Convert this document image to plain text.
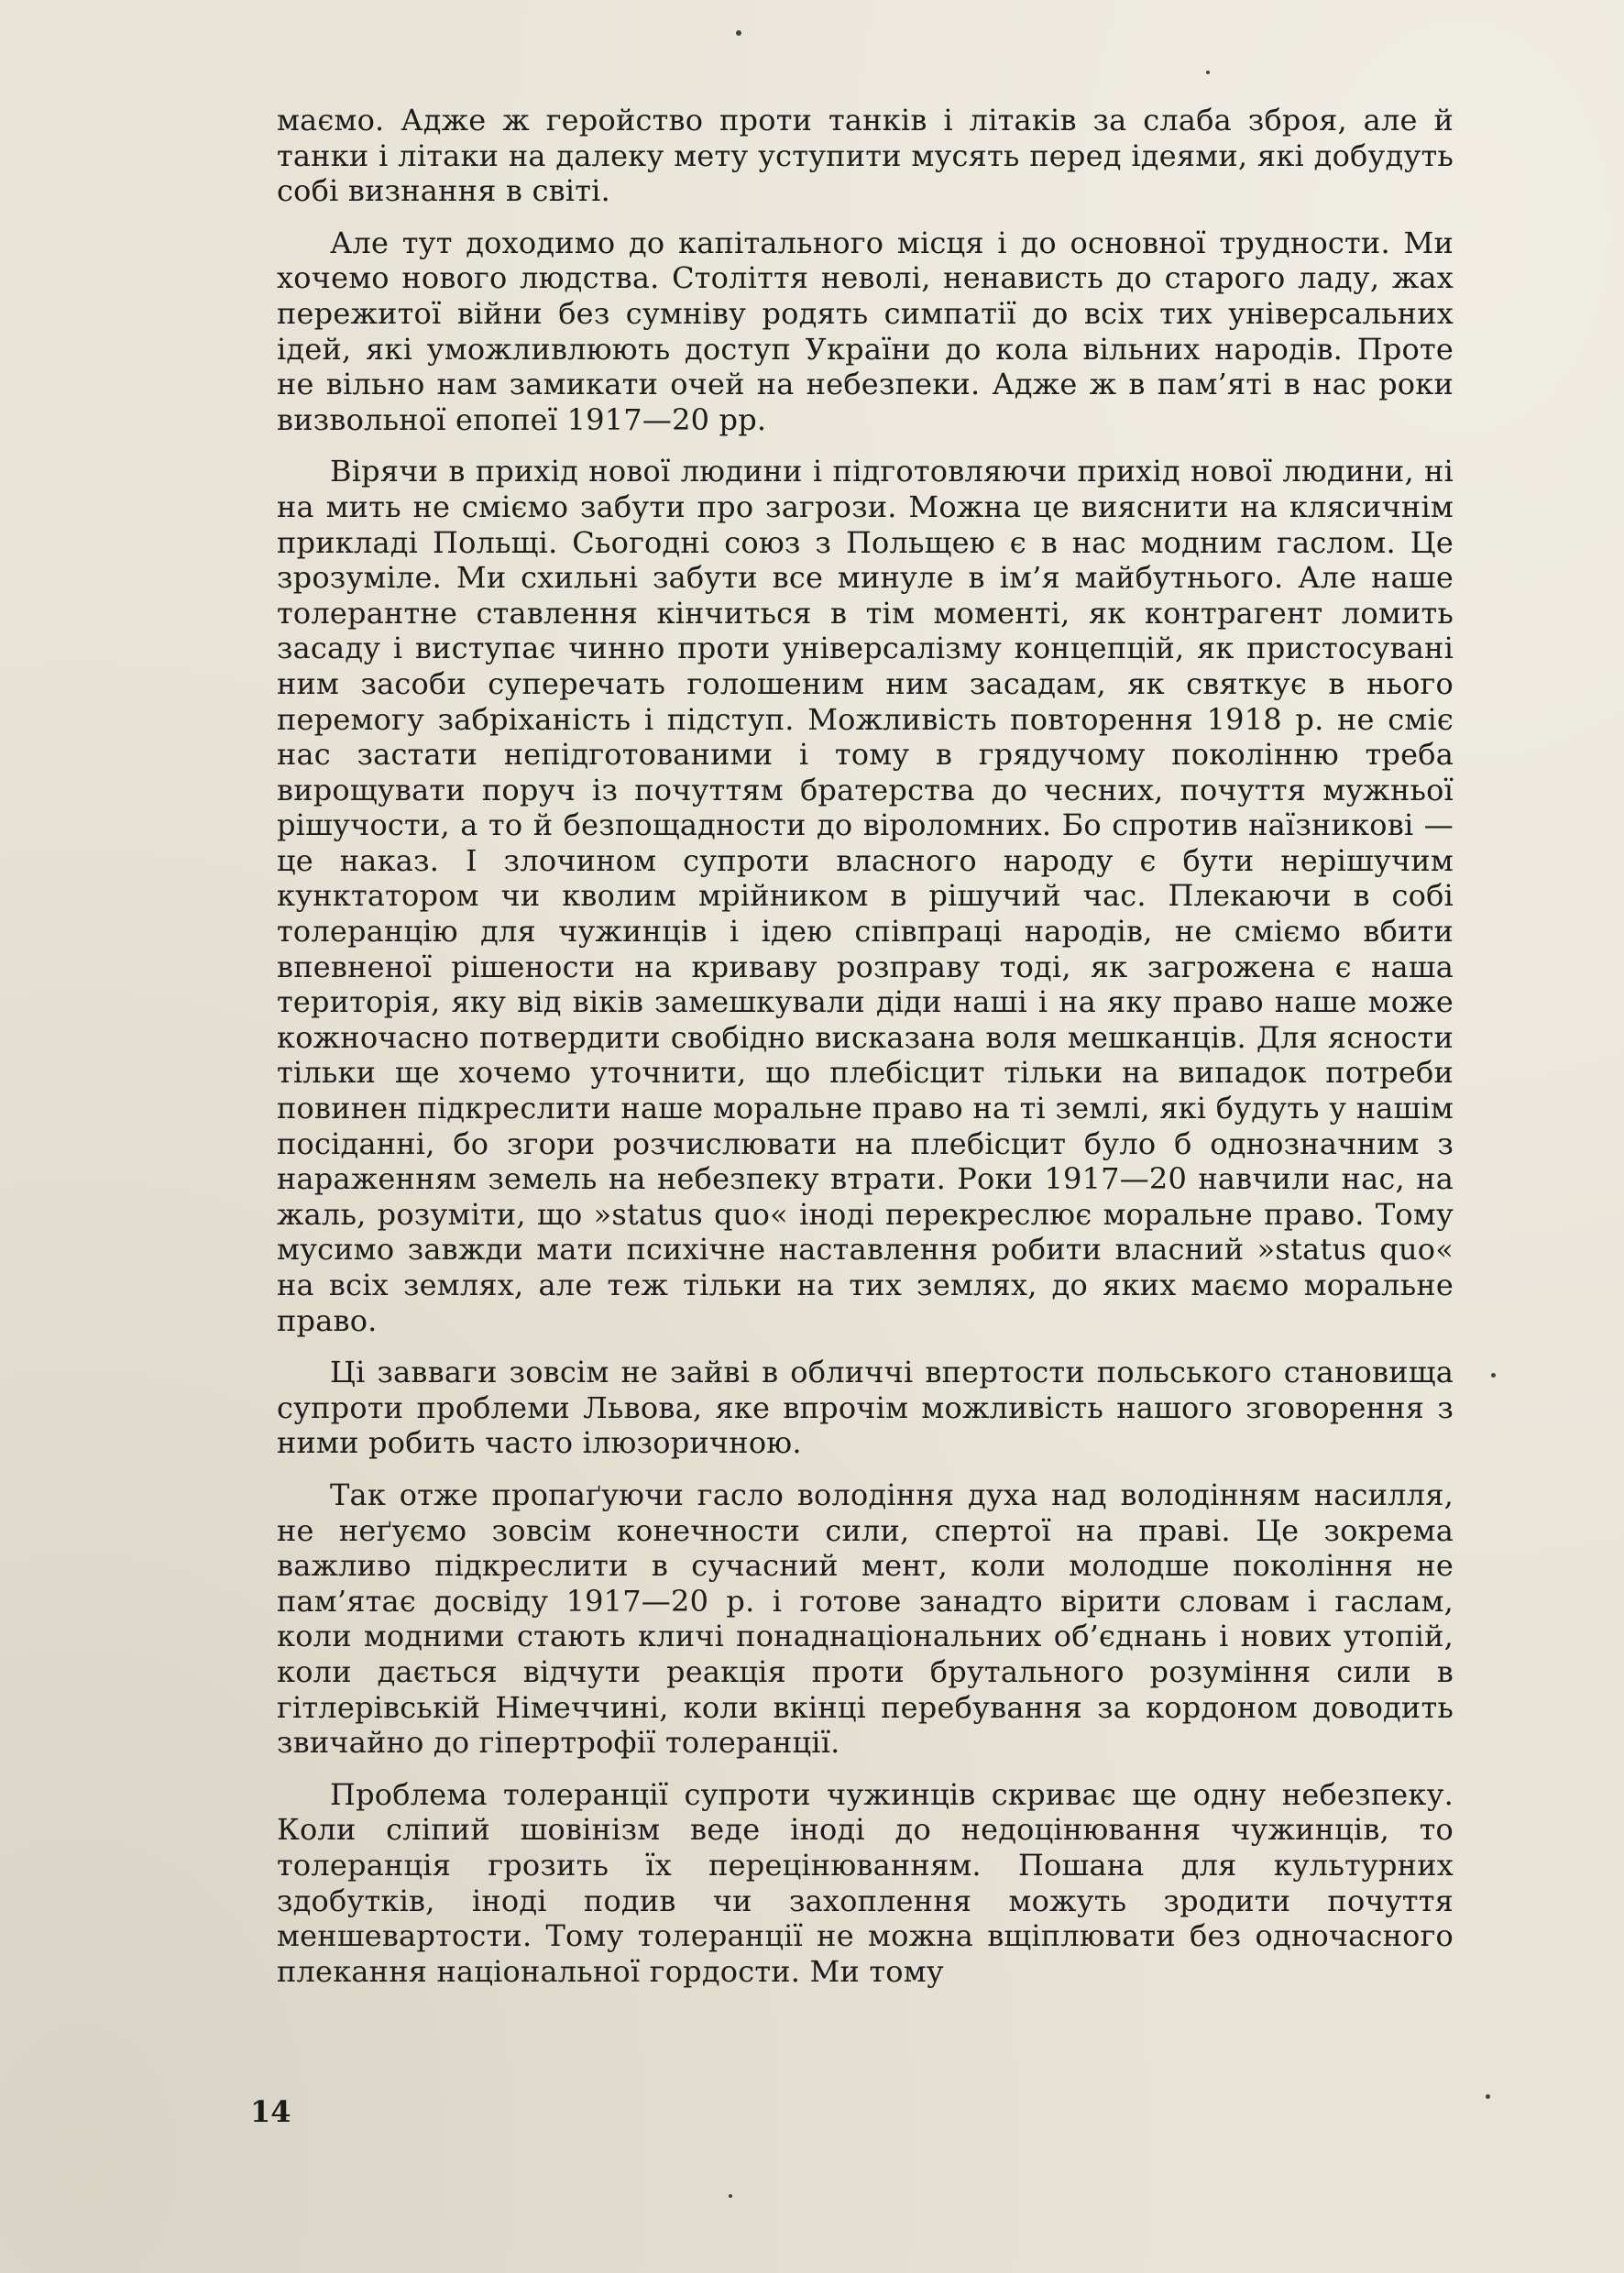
маємо. Адже ж геройство проти танків і літаків за слаба зброя, але й танки і літаки на далеку мету уступити мусять перед ідеями, які добудуть собі визнання в світі.

Але тут доходимо до капітального місця і до основної трудности. Ми хочемо нового людства. Століття неволі, ненависть до старого ладу, жах пережитої війни без сумніву родять симпатії до всіх тих універсальних ідей, які уможливлюють доступ України до кола вільних народів. Проте не вільно нам замикати очей на небезпеки. Адже ж в пам’яті в нас роки визвольної епопеї 1917—20 рр.

Вірячи в прихід нової людини і підготовляючи прихід нової людини, ні на мить не сміємо забути про загрози. Можна це вияснити на клясичнім прикладі Польщі. Сьогодні союз з Польщею є в нас модним гаслом. Це зрозуміле. Ми схильні забути все минуле в ім’я майбутнього. Але наше толерантне ставлення кінчиться в тім моменті, як контрагент ломить засаду і виступає чинно проти універсалізму концепцій, як пристосувані ним засоби суперечать голошеним ним засадам, як святкує в нього перемогу забріханість і підступ. Можливість повторення 1918 р. не сміє нас застати непідготованими і тому в грядучому поколінню треба вирощувати поруч із почуттям братерства до чесних, почуття мужньої рішучости, а то й безпощадности до віроломних. Бо спротив наїзникові — це наказ. І злочином супроти власного народу є бути нерішучим кунктатором чи кволим мрійником в рішучий час. Плекаючи в собі толеранцію для чужинців і ідею співпраці народів, не сміємо вбити впевненої рішености на криваву розправу тоді, як загрожена є наша територія, яку від віків замешкували діди наші і на яку право наше може кожночасно потвердити свобідно висказана воля мешканців. Для ясности тільки ще хочемо уточнити, що плебісцит тільки на випадок потреби повинен підкреслити наше моральне право на ті землі, які будуть у нашім посіданні, бо згори розчислювати на плебісцит було б однозначним з нараженням земель на небезпеку втрати. Роки 1917—20 навчили нас, на жаль, розуміти, що »status quo« іноді перекреслює моральне право. Тому мусимо завжди мати психічне наставлення робити власний »status quo« на всіх землях, але теж тільки на тих землях, до яких маємо моральне право.

Ці завваги зовсім не зайві в обличчі впертости польського становища супроти проблеми Львова, яке впрочім можливість нашого зговорення з ними робить часто ілюзоричною.

Так отже пропаґуючи гасло володіння духа над володінням насилля, не неґуємо зовсім конечности сили, спертої на праві. Це зокрема важливо підкреслити в сучасний мент, коли молодше покоління не пам’ятає досвіду 1917—20 р. і готове занадто вірити словам і гаслам, коли модними стають кличі понаднаціональних об’єднань і нових утопій, коли дається відчути реакція проти брутального розуміння сили в гітлерівській Німеччині, коли вкінці перебування за кордоном доводить звичайно до гіпертрофії толеранції.

Проблема толеранції супроти чужинців скриває ще одну небезпеку. Коли сліпий шовінізм веде іноді до недоцінювання чужинців, то толеранція грозить їх перецінюванням. Пошана для культурних здобутків, іноді подив чи захоплення можуть зродити почуття меншевартости. Тому толеранції не можна вщіплювати без одночасного плекання національної гордости. Ми тому

14
